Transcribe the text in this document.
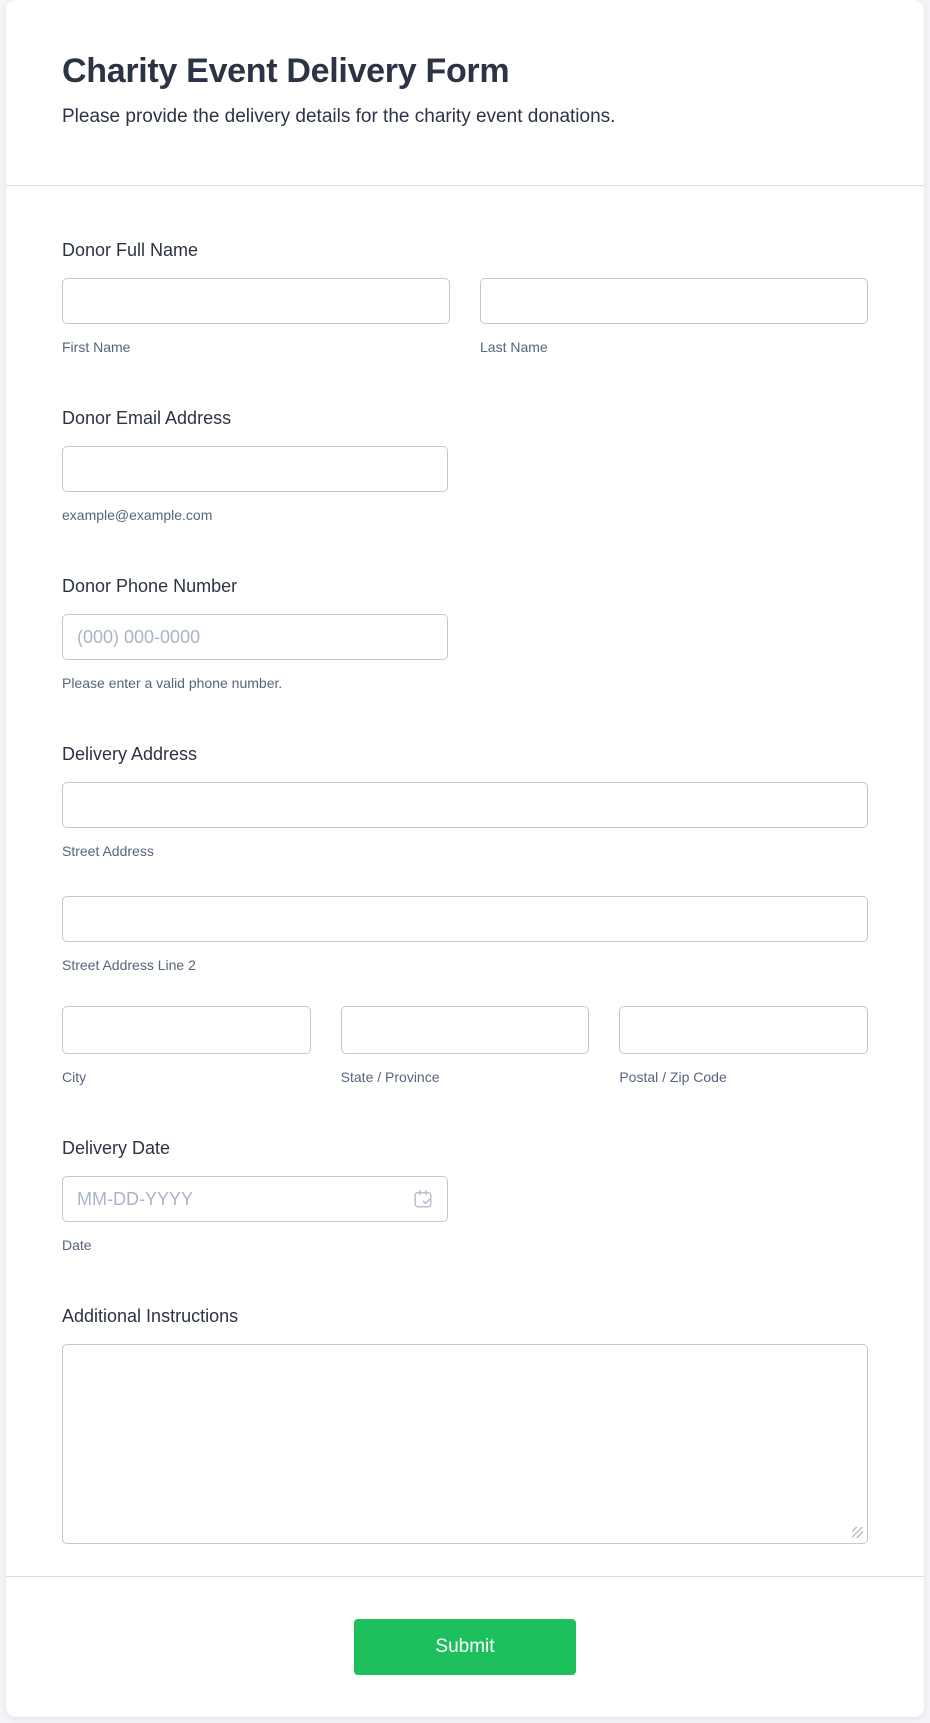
Charity Event Delivery Form

Please provide the delivery details for the charity event donations.

Donor Full Name
First Name	Last Name
Donor Email Address
example@example.com
Donor Phone Number
(000) 000-0000
Please enter a valid phone number.
Delivery Address
Street Address
Street Address Line 2
City	State / Province	Postal / Zip Code
Delivery Date
MM-DD-YYYY
Date
Additional Instructions
Submit
